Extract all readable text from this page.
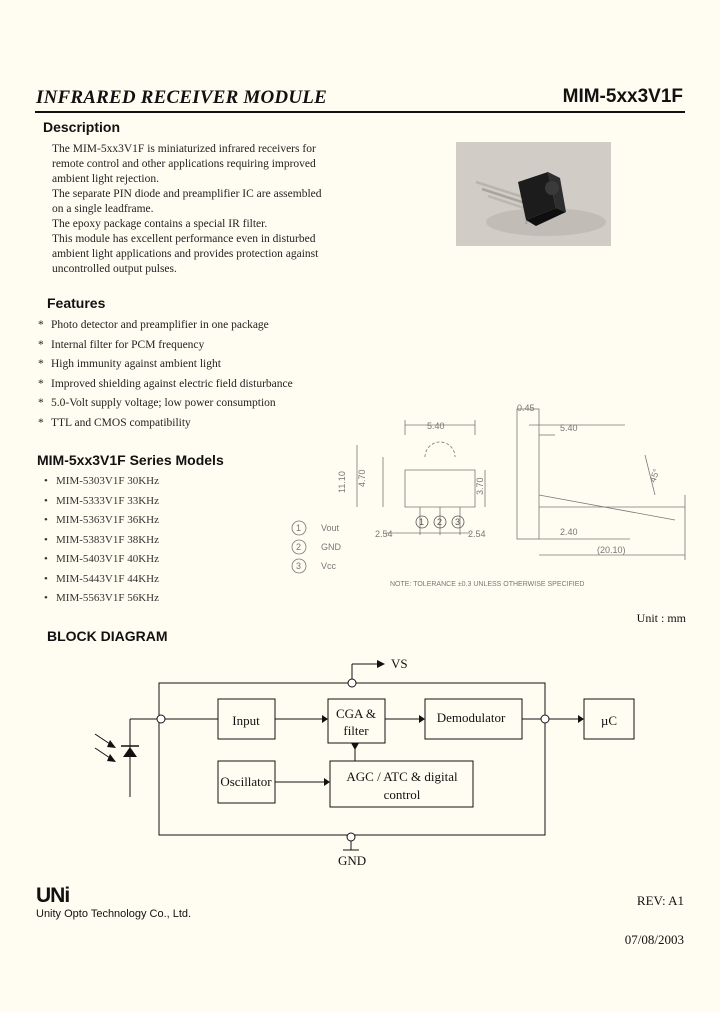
INFRARED RECEIVER MODULE	MIM-5xx3V1F
Description
The MIM-5xx3V1F is miniaturized infrared receivers for
remote control and other applications requiring improved
ambient light rejection.
The separate PIN diode and preamplifier IC are assembled
on a single leadframe.
The epoxy package contains a special IR filter.
This module has excellent performance even in disturbed
ambient light applications and provides protection against
uncontrolled output pulses.
Features
* Photo detector and preamplifier in one package
* Internal filter for PCM frequency
* High immunity against ambient light
* Improved shielding against electric field disturbance
* 5.0-Volt supply voltage; low power consumption
* TTL and CMOS compatibility
MIM-5xx3V1F Series Models
• MIM-5303V1F 30KHz
• MIM-5333V1F 33KHz
• MIM-5363V1F 36KHz
• MIM-5383V1F 38KHz
• MIM-5403V1F 40KHz
• MIM-5443V1F 44KHz
• MIM-5563V1F 56KHz
5.40
4.70
11.10	3.70
2.54	2.54
0.45
5.40
45°
2.40
(20.10)
NOTE: TOLERANCE ±0.3 UNLESS OTHERWISE SPECIFIED
1 2 3
1
2
3
Vout
GND
Vcc
Unit : mm
BLOCK DIAGRAM
VS
GND
Input	CGA &
filter
Demodulator	µC
Oscillator	AGC / ATC & digital
control
UNi
Unity Opto Technology Co., Ltd.
REV: A1
07/08/2003
